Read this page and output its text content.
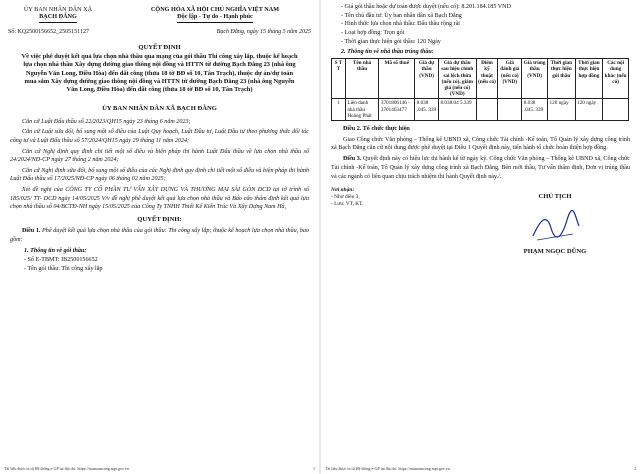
ỦY BAN NHÂN DÂN XÃ
BẠCH ĐẰNG
CỘNG HÒA XÃ HỘI CHỦ NGHĨA VIỆT NAM
Độc lập - Tự do - Hạnh phúc
Số: KQ2500156652_2505151127	Bạch Đằng, ngày 15 tháng 5 năm 2025
QUYẾT ĐỊNH
Về việc phê duyệt kết quả lựa chọn nhà thầu qua mạng của gói thầu Thi công xây lắp, thuộc kế hoạch lựa chọn nhà thầu Xây dựng đường giao thông nội đồng và HTTN từ đường Bạch Đằng 23 (nhà ông Nguyễn Văn Long, Điều Hòa) đến đất công (thửa 18 tờ BĐ số 10, Tân Trạch), thuộc dự án/dự toán mua sắm Xây dựng đường giao thông nội đồng và HTTN từ đường Bạch Đằng 23 (nhà ông Nguyễn Văn Long, Điều Hòa) đến đất công (thửa 18 tờ BĐ số 10, Tân Trạch)
ỦY BAN NHÂN DÂN XÃ BẠCH ĐẰNG

Căn cứ Luật Đấu thầu số 22/2023/QH15 ngày 23 tháng 6 năm 2023;

Căn cứ Luật sửa đổi, bổ sung một số điều của Luật Quy hoạch, Luật Đầu tư, Luật Đầu tư theo phương thức đối tác công tư và Luật Đấu thầu số 57/2024/QH15 ngày 29 tháng 11 năm 2024;

Căn cứ Nghị định quy định chi tiết một số điều và biện pháp thi hành Luật Đấu thầu về lựa chọn nhà thầu số 24/2024/NĐ-CP ngày 27 tháng 2 năm 2024;

Căn cứ Nghị định sửa đổi, bổ sung một số điều của các Nghị định quy định chi tiết một số điều và biện pháp thi hành Luật Đấu thầu số 17/2025/NĐ-CP ngày 06 tháng 02 năm 2025;

Xét đề nghị của CÔNG TY CỔ PHẦN TƯ VẤN XÂY DỰNG VÀ THƯƠNG MẠI SÀI GÒN DCD tại tờ trình số 185/025/ TT- DCD ngày 14/05/2025 V/v đề nghị phê duyệt kết quả lựa chọn nhà thầu và Báo cáo thẩm định kết quả lựa chọn nhà thầu số 04/BCTĐ-NH ngày 15/05/2025 của Công Ty TNHH Thiết Kế Kiến Trúc Và Xây Dựng Nam Hà,

QUYẾT ĐỊNH:

Điều 1. Phê duyệt kết quả lựa chọn nhà thầu của gói thầu: Thi công xây lắp; thuộc kế hoạch lựa chọn nhà thầu, bao gồm:

1. Thông tin về gói thầu:
- Số E-TBMT: IB2500156652
- Tên gói thầu: Thi công xây lắp
Tài liệu được in từ Hệ thống e-GP tại địa chỉ: https://muasamcong.mpi.gov.vn	1
- Giá gói thầu hoặc dự toán được duyệt (nếu có): 8.201.184.185 VND
- Tên chủ đầu tư: Ủy ban nhân dân xã Bạch Đằng
- Hình thức lựa chọn nhà thầu: Đấu thầu rộng rãi
- Loại hợp đồng: Trọn gói
- Thời gian thực hiện gói thầu: 120 Ngày
2. Thông tin về nhà thầu trúng thầu:
S T T	Tên nhà thầu	Mã số thuế	Giá dự thầu (VND)	Giá dự thầu sau hiệu chỉnh sai lệch thừa (nếu có), giảm giá (nếu có) (VND)	Điểm kỹ thuật (nếu có)	Giá đánh giá (nếu có) (VND)	Giá trúng thầu (VND)	Thời gian thực hiện gói thầu	Thời gian thực hiện hợp đồng	Các nội dung khác (nếu có)
1	Liên danh nhà thầu Hoàng Phát	3701806146 - 3701463477	8.038 .045. 339	8.038.04 5.339			8.038 .045. 339	120 ngày	120 ngày	

Điều 2. Tổ chức thực hiện

Giao Công chức Văn phòng – Thống kê UBND xã, Công chức Tài chính -Kế toán, Tổ Quản lý xây dựng công trình xã Bạch Đằng căn cứ nội dung được phê duyệt tại Điều 1 Quyết định này, tiến hành tổ chức hoàn thiện hợp đồng.

Điều 3. Quyết định này có hiệu lực thi hành kể từ ngày ký. Công chức Văn phòng – Thống kê UBND xã, Công chức Tài chính -Kế toán, Tổ Quản lý xây dựng công trình xã Bạch Đằng, Bên mời thầu, Tư vấn thẩm định, Đơn vị trúng thầu và các ngành có liên quan chịu trách nhiệm thi hành Quyết định này./.

Nơi nhận:
- Như điều 3,
- Lưu: VT, KT.
CHỦ TỊCH
PHẠM NGỌC DŨNG
Tài liệu được in từ Hệ thống e-GP tại địa chỉ: https://muasamcong.mpi.gov.vn	2
